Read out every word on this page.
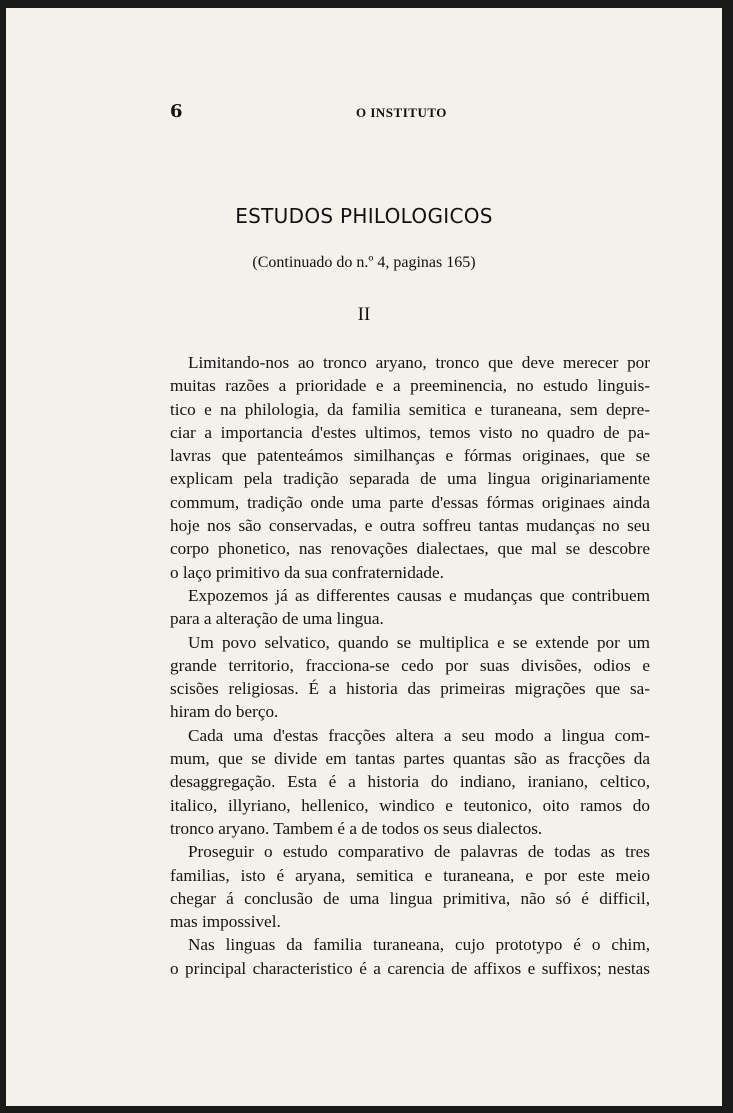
6	O INSTITUTO
ESTUDOS PHILOLOGICOS
(Continuado do n.º 4, paginas 165)
II
Limitando-nos ao tronco aryano, tronco que deve merecer por
muitas razões a prioridade e a preeminencia, no estudo linguis-
tico e na philologia, da familia semitica e turaneana, sem depre-
ciar a importancia d'estes ultimos, temos visto no quadro de pa-
lavras que patenteámos similhanças e fórmas originaes, que se
explicam pela tradição separada de uma lingua originariamente
commum, tradição onde uma parte d'essas fórmas originaes ainda
hoje nos são conservadas, e outra soffreu tantas mudanças no seu
corpo phonetico, nas renovações dialectaes, que mal se descobre
o laço primitivo da sua confraternidade.
Expozemos já as differentes causas e mudanças que contribuem
para a alteração de uma lingua.
Um povo selvatico, quando se multiplica e se extende por um
grande territorio, fracciona-se cedo por suas divisões, odios e
scisões religiosas. É a historia das primeiras migrações que sa-
hiram do berço.
Cada uma d'estas fracções altera a seu modo a lingua com-
mum, que se divide em tantas partes quantas são as fracções da
desaggregação. Esta é a historia do indiano, iraniano, celtico,
italico, illyriano, hellenico, windico e teutonico, oito ramos do
tronco aryano. Tambem é a de todos os seus dialectos.
Proseguir o estudo comparativo de palavras de todas as tres
familias, isto é aryana, semitica e turaneana, e por este meio
chegar á conclusão de uma lingua primitiva, não só é difficil,
mas impossivel.
Nas linguas da familia turaneana, cujo prototypo é o chim,
o principal characteristico é a carencia de affixos e suffixos; nestas
